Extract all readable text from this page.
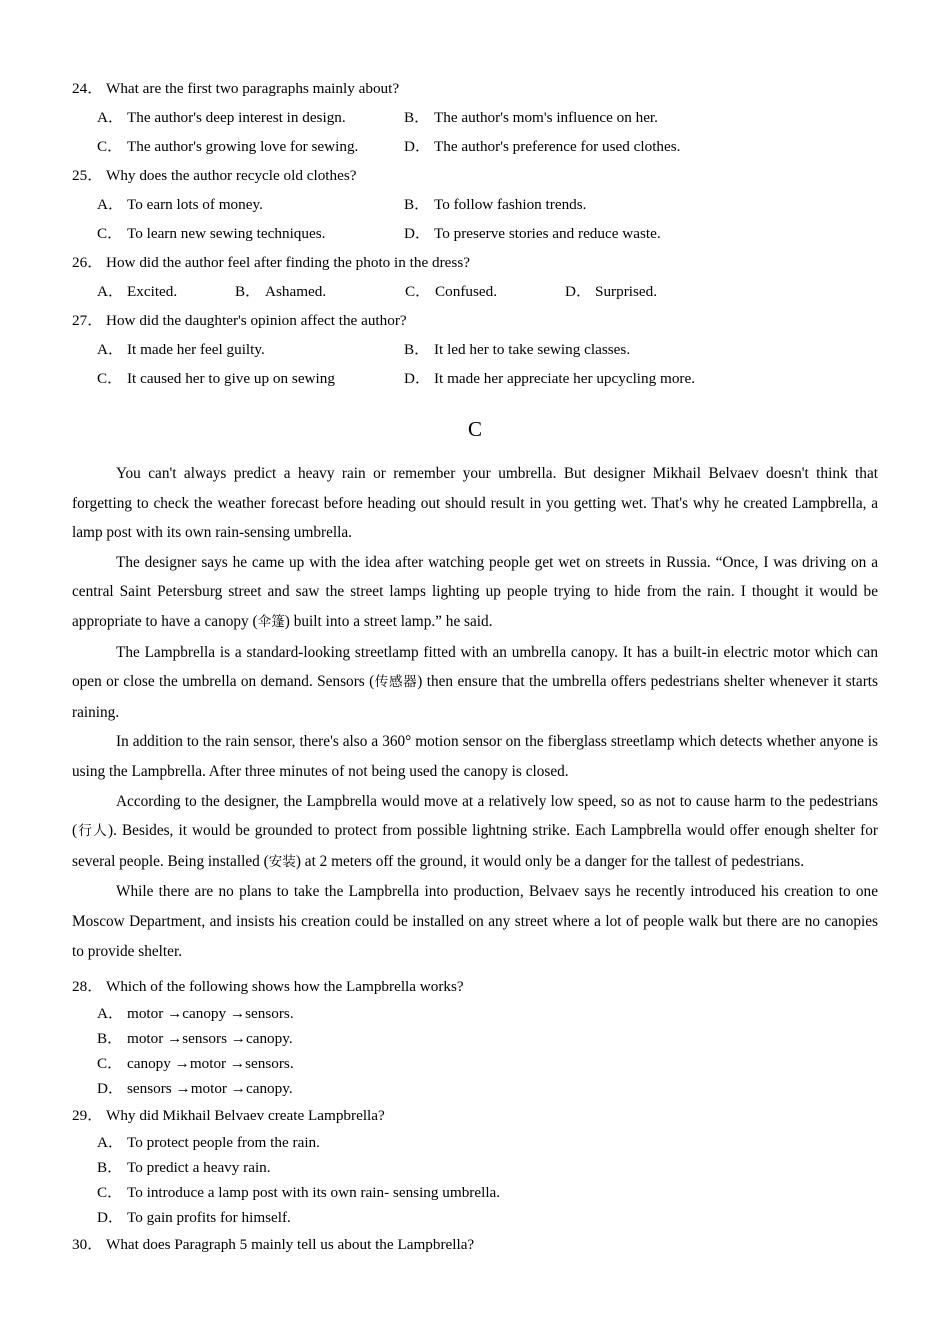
24． What are the first two paragraphs mainly about?
A． The author's deep interest in design.	B． The author's mom's influence on her.
C． The author's growing love for sewing.	D． The author's preference for used clothes.
25． Why does the author recycle old clothes?
A． To earn lots of money.	B． To follow fashion trends.
C． To learn new sewing techniques.	D． To preserve stories and reduce waste.
26． How did the author feel after finding the photo in the dress?
A． Excited.	B． Ashamed.	C． Confused.	D． Surprised.
27． How did the daughter's opinion affect the author?
A． It made her feel guilty.	B． It led her to take sewing classes.
C． It caused her to give up on sewing	D． It made her appreciate her upcycling more.
C

You can't always predict a heavy rain or remember your umbrella. But designer Mikhail Belvaev doesn't think that forgetting to check the weather forecast before heading out should result in you getting wet. That's why he created Lampbrella, a lamp post with its own rain-sensing umbrella.

The designer says he came up with the idea after watching people get wet on streets in Russia. “Once, I was driving on a central Saint Petersburg street and saw the street lamps lighting up people trying to hide from the rain. I thought it would be appropriate to have a canopy (伞篷) built into a street lamp.” he said.

The Lampbrella is a standard-looking streetlamp fitted with an umbrella canopy. It has a built-in electric motor which can open or close the umbrella on demand. Sensors (传感器) then ensure that the umbrella offers pedestrians shelter whenever it starts raining.

In addition to the rain sensor, there's also a 360° motion sensor on the fiberglass streetlamp which detects whether anyone is using the Lampbrella. After three minutes of not being used the canopy is closed.

According to the designer, the Lampbrella would move at a relatively low speed, so as not to cause harm to the pedestrians (行人). Besides, it would be grounded to protect from possible lightning strike. Each Lampbrella would offer enough shelter for several people. Being installed (安装) at 2 meters off the ground, it would only be a danger for the tallest of pedestrians.

While there are no plans to take the Lampbrella into production, Belvaev says he recently introduced his creation to one Moscow Department, and insists his creation could be installed on any street where a lot of people walk but there are no canopies to provide shelter.

28． Which of the following shows how the Lampbrella works?
A． motor →canopy →sensors.
B． motor →sensors →canopy.
C． canopy →motor →sensors.
D． sensors →motor →canopy.
29． Why did Mikhail Belvaev create Lampbrella?
A． To protect people from the rain.
B． To predict a heavy rain.
C． To introduce a lamp post with its own rain- sensing umbrella.
D． To gain profits for himself.
30． What does Paragraph 5 mainly tell us about the Lampbrella?
